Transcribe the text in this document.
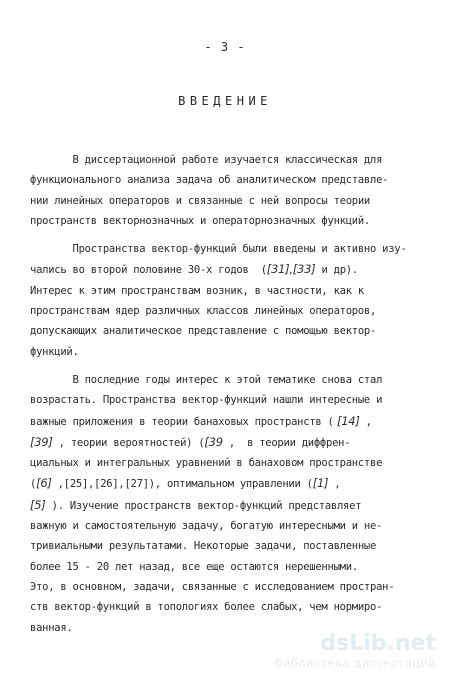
- 3 -
ВВЕДЕНИЕ
В диссертационной работе изучается классическая для
функционального анализа задача об аналитическом представле-
нии линейных операторов и связанные с ней вопросы теории
пространств векторнозначных и операторнозначных функций.
Пространства вектор-функций были введены и активно изу-
чались во второй половине 30-х годов  ([31],[33] и др).
Интерес к этим пространствам возник, в частности, как к
пространствам ядер различных классов линейных операторов,
допускающих аналитическое представление с помощью вектор-
функций.
В последние годы интерес к этой тематике снова стал
возрастать. Пространства вектор-функций нашли интересные и
важные приложения в теории банаховых пространств ( [14] ,
[39] , теории вероятностей) ([39 ,  в теории диффрен-
циальных и интегральных уравнений в банаховом пространстве
([6] ,[25],[26],[27]), оптимальном управлении ([1] ,
[5] ). Изучение пространств вектор-функций представляет
важную и самостоятельную задачу, богатую интересными и не-
тривиальными результатами. Некоторые задачи, поставленные
более 15 - 20 лет назад, все еще остаются нерешенными.
Это, в основном, задачи, связанные с исследованием простран-
ств вектор-функций в топологиях более слабых, чем нормиро-
ванная.
dsLib.net
библиотека диссертаций
